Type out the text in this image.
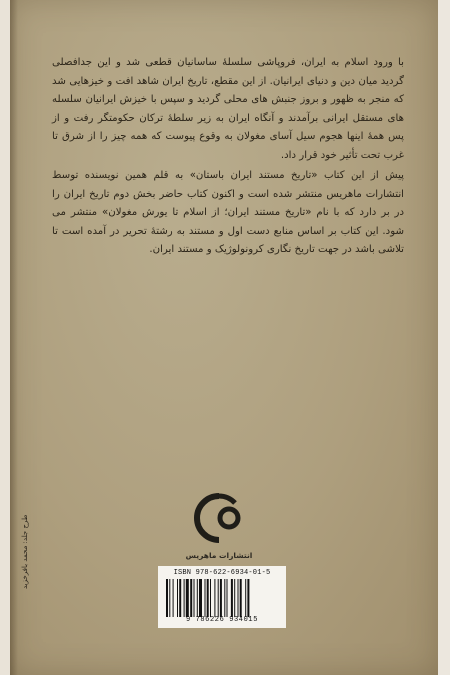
با ورود اسلام به ایران، فروپاشی سلسلهٔ ساسانیان قطعی شد و این جدافصلی گردید میان دین و دنیای ایرانیان. از این مقطع، تاریخ ایران شاهد افت و خیزهایی شد که منجر به ظهور و بروز جنبش های محلی گردید و سپس با خیزش ایرانیان سلسله های مستقل ایرانی برآمدند و آنگاه ایران به زیر سلطهٔ ترکان حکومتگر رفت و از پس همهٔ اینها هجوم سیل آسای مغولان به وقوع پیوست که همه چیز را از شرق تا غرب تحت تأثیر خود قرار داد.

پیش از این کتاب «تاریخ مستند ایران باستان» به قلم همین نویسنده توسط انتشارات ماهریس منتشر شده است و اکنون کتاب حاضر بخش دوم تاریخ ایران را در بر دارد که با نام «تاریخ مستند ایران؛ از اسلام تا یورش مغولان» منتشر می شود. این کتاب بر اساس منابع دست اول و مستند به رشتهٔ تحریر در آمده است تا تلاشی باشد در جهت تاریخ نگاری کرونولوژیک و مستند ایران.

انتشارات ماهریس
طرح جلد: محمد بافرخزید	ISBN 978-622-6934-01-5
9 786226 934015
